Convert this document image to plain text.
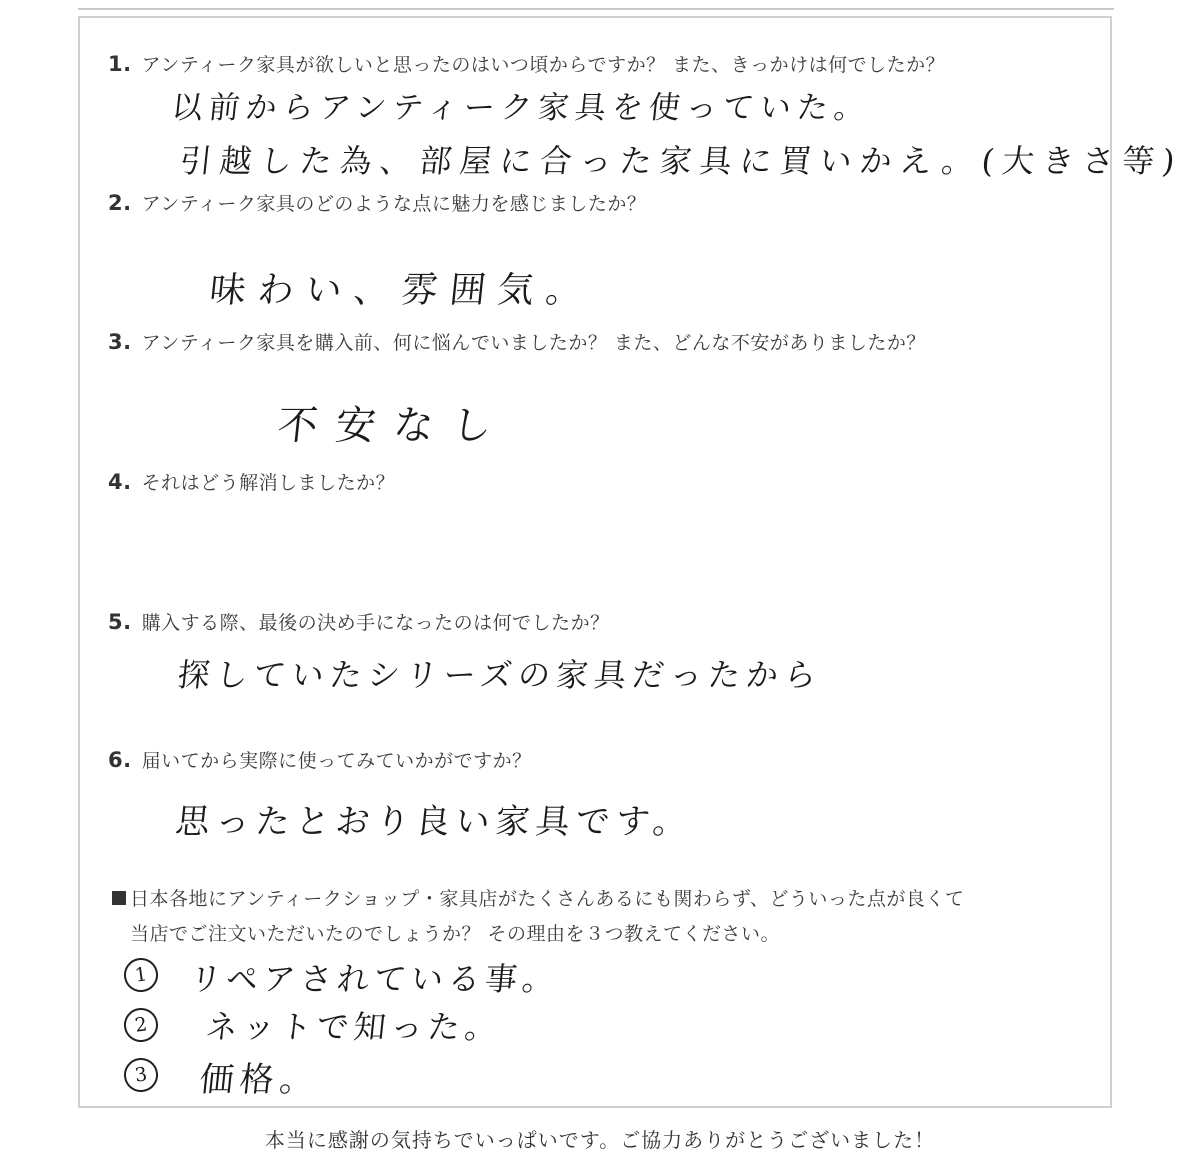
1. アンティーク家具が欲しいと思ったのはいつ頃からですか？ また、きっかけは何でしたか？
以前からアンティーク家具を使っていた。
引越した為、部屋に合った家具に買いかえ。(大きさ等)
2. アンティーク家具のどのような点に魅力を感じましたか？
味わい、雰囲気。
3. アンティーク家具を購入前、何に悩んでいましたか？ また、どんな不安がありましたか？
不安なし
4. それはどう解消しましたか？
5. 購入する際、最後の決め手になったのは何でしたか？
探していたシリーズの家具だったから
6. 届いてから実際に使ってみていかがですか？
思ったとおり良い家具です。
日本各地にアンティークショップ・家具店がたくさんあるにも関わらず、どういった点が良くて
当店でご注文いただいたのでしょうか？ その理由を３つ教えてください。
1	リペアされている事。
2	ネットで知った。
3	価格。
本当に感謝の気持ちでいっぱいです。ご協力ありがとうございました！
